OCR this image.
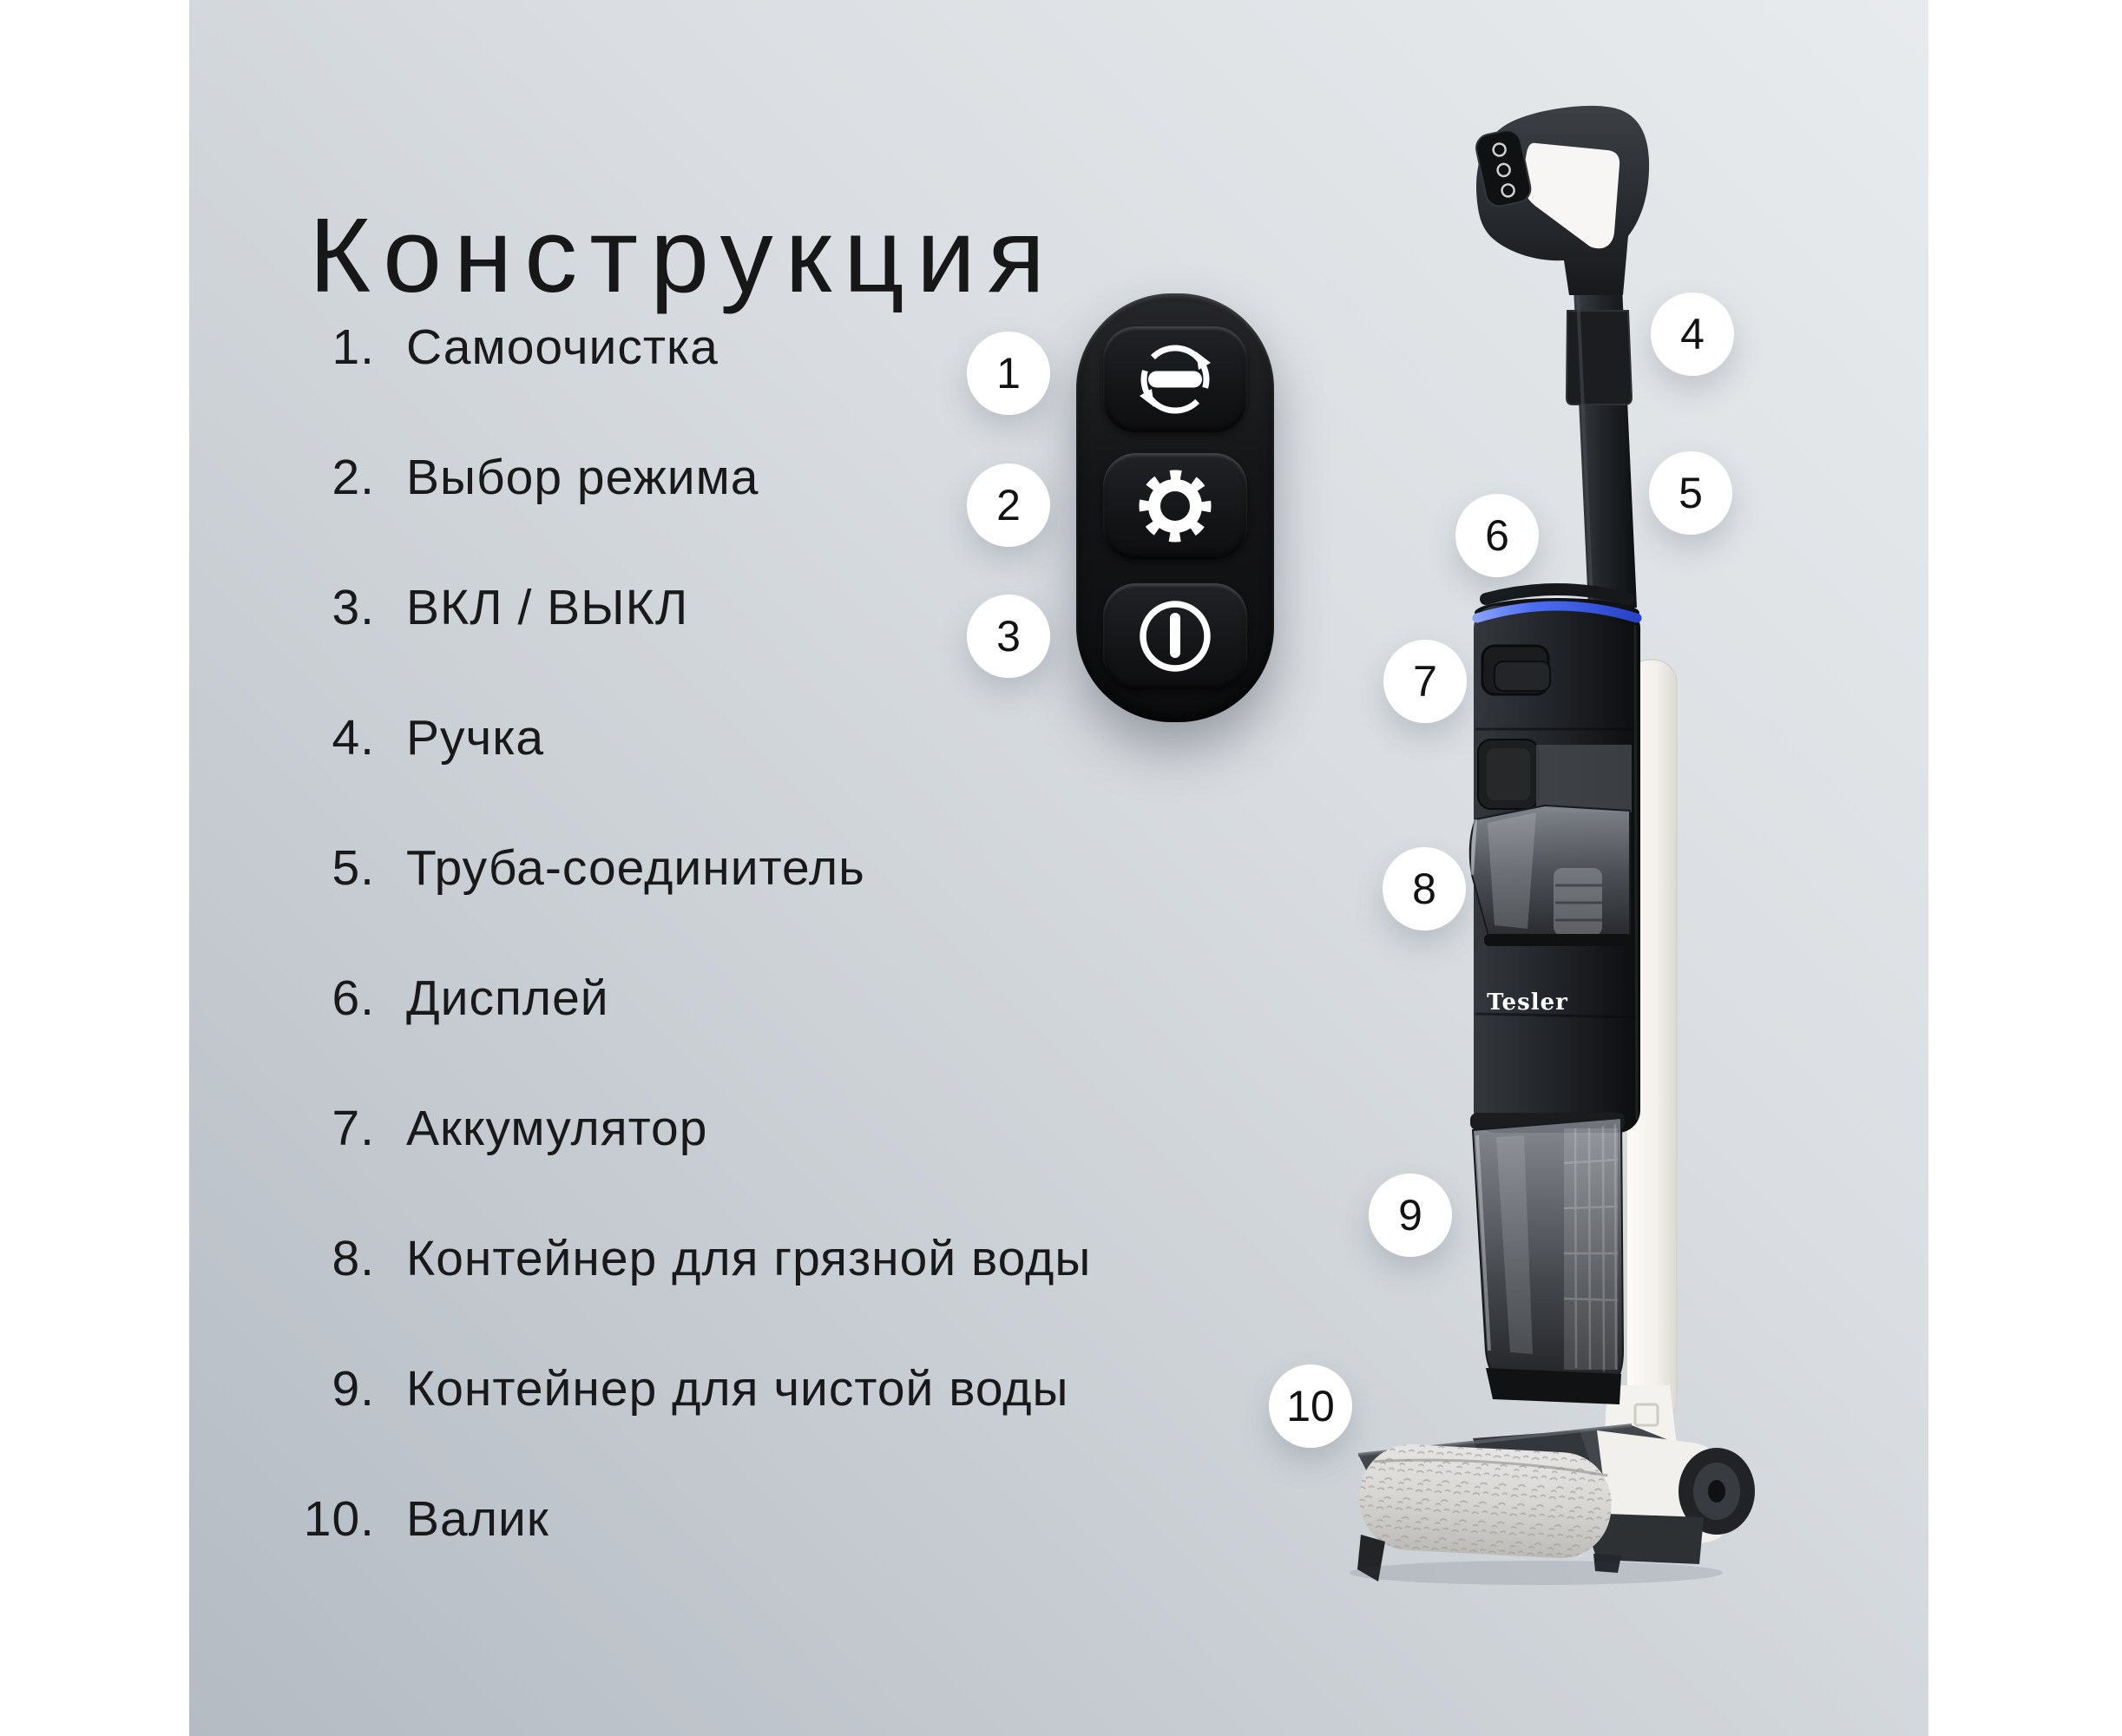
Tesler
Конструкция
1. Самоочистка
2. Выбор режима
3. ВКЛ / ВЫКЛ
4. Ручка
5. Труба-соединитель
6. Дисплей
7. Аккумулятор
8. Контейнер для грязной воды
9. Контейнер для чистой воды
10. Валик
1
2
3
4
5
6
7
8
9
10
